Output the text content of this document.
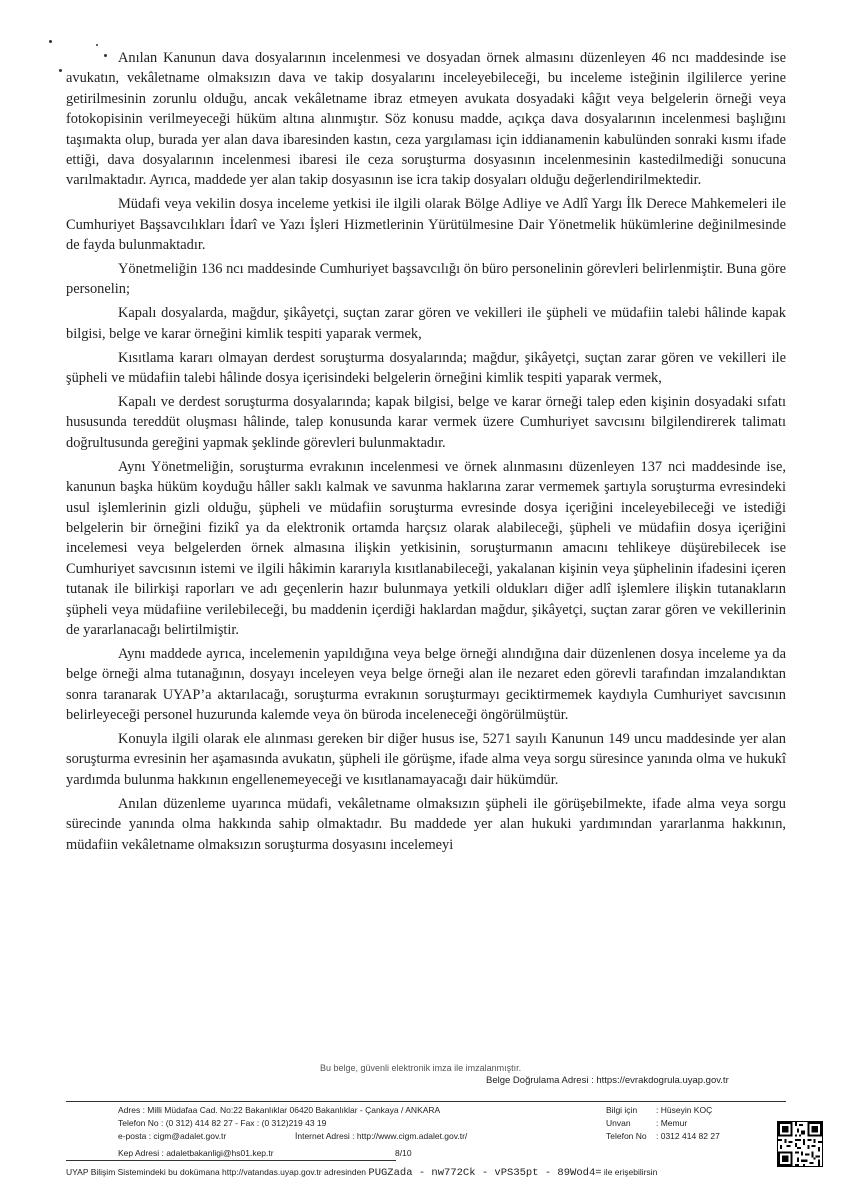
Anılan Kanunun dava dosyalarının incelenmesi ve dosyadan örnek almasını düzenleyen 46 ncı maddesinde ise avukatın, vekâletname olmaksızın dava ve takip dosyalarını inceleyebileceği, bu inceleme isteğinin ilgililerce yerine getirilmesinin zorunlu olduğu, ancak vekâletname ibraz etmeyen avukata dosyadaki kâğıt veya belgelerin örneği veya fotokopisinin verilmeyeceği hüküm altına alınmıştır. Söz konusu madde, açıkça dava dosyalarının incelenmesi başlığını taşımakta olup, burada yer alan dava ibaresinden kastın, ceza yargılaması için iddianamenin kabulünden sonraki kısmı ifade ettiği, dava dosyalarının incelenmesi ibaresi ile ceza soruşturma dosyasının incelenmesinin kastedilmediği sonucuna varılmaktadır. Ayrıca, maddede yer alan takip dosyasının ise icra takip dosyaları olduğu değerlendirilmektedir.

Müdafi veya vekilin dosya inceleme yetkisi ile ilgili olarak Bölge Adliye ve Adlî Yargı İlk Derece Mahkemeleri ile Cumhuriyet Başsavcılıkları İdarî ve Yazı İşleri Hizmetlerinin Yürütülmesine Dair Yönetmelik hükümlerine değinilmesinde de fayda bulunmaktadır.

Yönetmeliğin 136 ncı maddesinde Cumhuriyet başsavcılığı ön büro personelinin görevleri belirlenmiştir. Buna göre personelin;

Kapalı dosyalarda, mağdur, şikâyetçi, suçtan zarar gören ve vekilleri ile şüpheli ve müdafiin talebi hâlinde kapak bilgisi, belge ve karar örneğini kimlik tespiti yaparak vermek,

Kısıtlama kararı olmayan derdest soruşturma dosyalarında; mağdur, şikâyetçi, suçtan zarar gören ve vekilleri ile şüpheli ve müdafiin talebi hâlinde dosya içerisindeki belgelerin örneğini kimlik tespiti yaparak vermek,

Kapalı ve derdest soruşturma dosyalarında; kapak bilgisi, belge ve karar örneği talep eden kişinin dosyadaki sıfatı hususunda tereddüt oluşması hâlinde, talep konusunda karar vermek üzere Cumhuriyet savcısını bilgilendirerek talimatı doğrultusunda gereğini yapmak şeklinde görevleri bulunmaktadır.

Aynı Yönetmeliğin, soruşturma evrakının incelenmesi ve örnek alınmasını düzenleyen 137 nci maddesinde ise, kanunun başka hüküm koyduğu hâller saklı kalmak ve savunma haklarına zarar vermemek şartıyla soruşturma evresindeki usul işlemlerinin gizli olduğu, şüpheli ve müdafiin soruşturma evresinde dosya içeriğini inceleyebileceği ve istediği belgelerin bir örneğini fizikî ya da elektronik ortamda harçsız olarak alabileceği, şüpheli ve müdafiin dosya içeriğini incelemesi veya belgelerden örnek almasına ilişkin yetkisinin, soruşturmanın amacını tehlikeye düşürebilecek ise Cumhuriyet savcısının istemi ve ilgili hâkimin kararıyla kısıtlanabileceği, yakalanan kişinin veya şüphelinin ifadesini içeren tutanak ile bilirkişi raporları ve adı geçenlerin hazır bulunmaya yetkili oldukları diğer adlî işlemlere ilişkin tutanakların şüpheli veya müdafiine verilebileceği, bu maddenin içerdiği haklardan mağdur, şikâyetçi, suçtan zarar gören ve vekillerinin de yararlanacağı belirtilmiştir.

Aynı maddede ayrıca, incelemenin yapıldığına veya belge örneği alındığına dair düzenlenen dosya inceleme ya da belge örneği alma tutanağının, dosyayı inceleyen veya belge örneği alan ile nezaret eden görevli tarafından imzalandıktan sonra taranarak UYAP’a aktarılacağı, soruşturma evrakının soruşturmayı geciktirmemek kaydıyla Cumhuriyet savcısının belirleyeceği personel huzurunda kalemde veya ön büroda inceleneceği öngörülmüştür.

Konuyla ilgili olarak ele alınması gereken bir diğer husus ise, 5271 sayılı Kanunun 149 uncu maddesinde yer alan soruşturma evresinin her aşamasında avukatın, şüpheli ile görüşme, ifade alma veya sorgu süresince yanında olma ve hukukî yardımda bulunma hakkının engellenemeyeceği ve kısıtlanamayacağı dair hükümdür.

Anılan düzenleme uyarınca müdafi, vekâletname olmaksızın şüpheli ile görüşebilmekte, ifade alma veya sorgu sürecinde yanında olma hakkında sahip olmaktadır. Bu maddede yer alan hukuki yardımından yararlanma hakkının, müdafiin vekâletname olmaksızın soruşturma dosyasını incelemeyi

Bu belge, güvenli elektronik imza ile imzalanmıştır.
Belge Doğrulama Adresi : https://evrakdogrula.uyap.gov.tr
Adres : Milli Müdafaa Cad. No:22 Bakanlıklar 06420 Bakanlıklar - Çankaya / ANKARA
Telefon No : (0 312) 414 82 27 - Fax : (0 312)219 43 19
e-posta : cigm@adalet.gov.tr	İnternet Adresi : http://www.cigm.adalet.gov.tr/
Kep Adresi : adaletbakanligi@hs01.kep.tr	8/10
Bilgi için : Hüseyin KOÇ
Unvan	: Memur
Telefon No : 0312 414 82 27
UYAP Bilişim Sistemindeki bu dokümana http://vatandas.uyap.gov.tr adresinden PUGZada - nw772Ck - vPS35pt - 89Wod4= ile erişebilirsin
